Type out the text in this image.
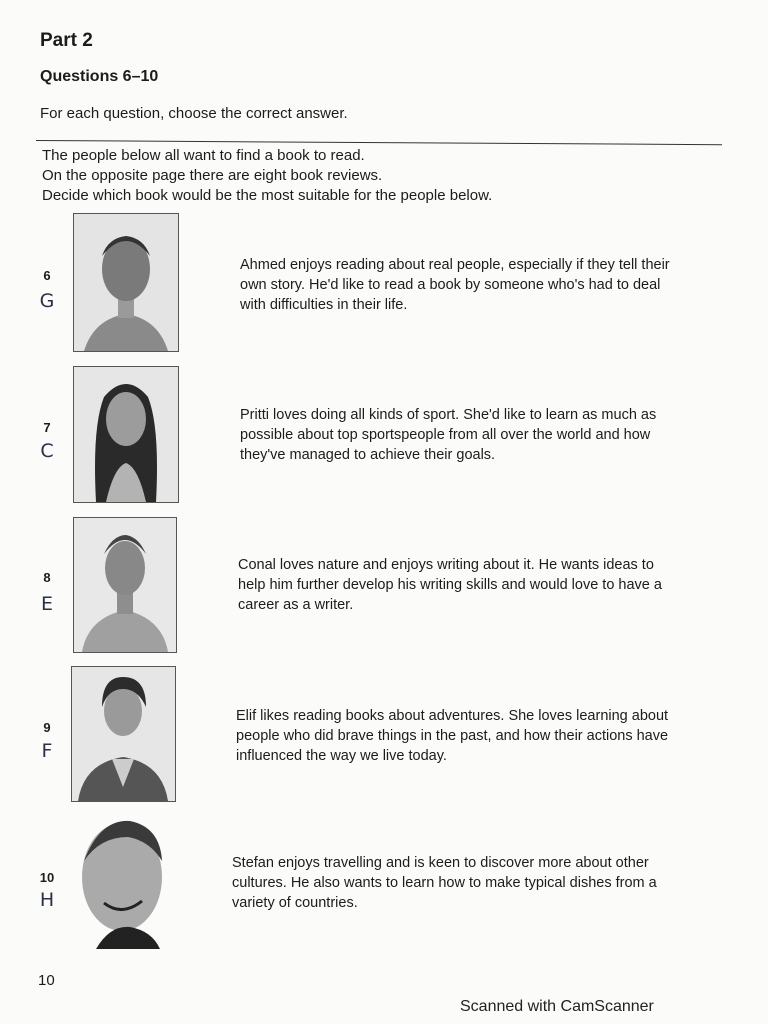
Part 2
Questions 6–10
For each question, choose the correct answer.
The people below all want to find a book to read.
On the opposite page there are eight book reviews.
Decide which book would be the most suitable for the people below.
6
G
Ahmed enjoys reading about real people, especially if they tell their
own story. He'd like to read a book by someone who's had to deal
with difficulties in their life.
7
C
Pritti loves doing all kinds of sport. She'd like to learn as much as
possible about top sportspeople from all over the world and how
they've managed to achieve their goals.
8
E
Conal loves nature and enjoys writing about it. He wants ideas to
help him further develop his writing skills and would love to have a
career as a writer.
9
F
Elif likes reading books about adventures. She loves learning about
people who did brave things in the past, and how their actions have
influenced the way we live today.
10
H
Stefan enjoys travelling and is keen to discover more about other
cultures. He also wants to learn how to make typical dishes from a
variety of countries.
10
Scanned with CamScanner
